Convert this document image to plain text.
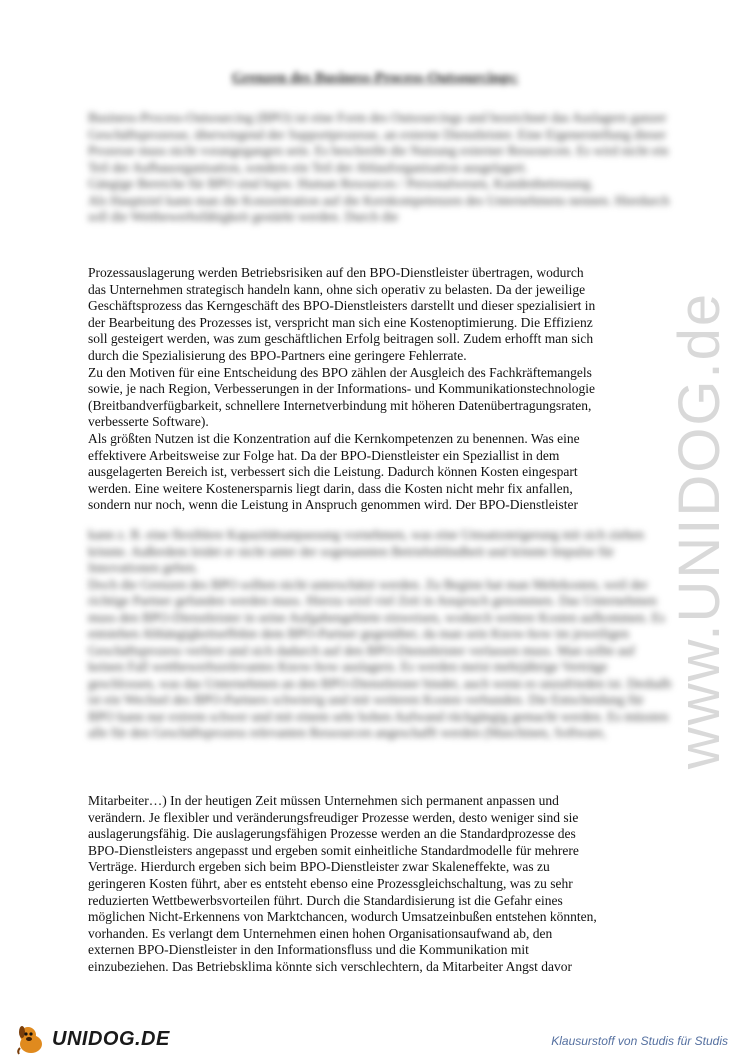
Grenzen des Business-Process-Outsourcings:

Business-Process-Outsourcing (BPO) ist eine Form des Outsourcings und bezeichnet das Auslagern ganzer Geschäftsprozesse, überwiegend der Supportprozesse, an externe Dienstleister. Eine Eigenerstellung dieser Prozesse muss nicht vorangegangen sein. Es beschreibt die Nutzung externer Ressourcen. Es wird nicht ein Teil der Aufbauorganisation, sondern ein Teil der Ablauforganisation ausgelagert.
Gängige Bereiche für BPO sind bspw. Human Resources / Personalwesen, Kundenbetreuung.
Als Hauptziel kann man die Konzentration auf die Kernkompetenzen des Unternehmens nennen. Hierdurch soll die Wettbewerbsfähigkeit gestärkt werden. Durch die

Prozessauslagerung werden Betriebsrisiken auf den BPO-Dienstleister übertragen, wodurch
das Unternehmen strategisch handeln kann, ohne sich operativ zu belasten. Da der jeweilige
Geschäftsprozess das Kerngeschäft des BPO-Dienstleisters darstellt und dieser spezialisiert in
der Bearbeitung des Prozesses ist, verspricht man sich eine Kostenoptimierung. Die Effizienz
soll gesteigert werden, was zum geschäftlichen Erfolg beitragen soll. Zudem erhofft man sich
durch die Spezialisierung des BPO-Partners eine geringere Fehlerrate.
Zu den Motiven für eine Entscheidung des BPO zählen der Ausgleich des Fachkräftemangels
sowie, je nach Region, Verbesserungen in der Informations- und Kommunikationstechnologie
(Breitbandverfügbarkeit, schnellere Internetverbindung mit höheren Datenübertragungsraten,
verbesserte Software).
Als größten Nutzen ist die Konzentration auf die Kernkompetenzen zu benennen. Was eine
effektivere Arbeitsweise zur Folge hat. Da der BPO-Dienstleister ein Speziallist in dem
ausgelagerten Bereich ist, verbessert sich die Leistung. Dadurch können Kosten eingespart
werden. Eine weitere Kostenersparnis liegt darin, dass die Kosten nicht mehr fix anfallen,
sondern nur noch, wenn die Leistung in Anspruch genommen wird. Der BPO-Dienstleister

kann z. B. eine flexiblere Kapazitätsanpassung vornehmen, was eine Umsatzsteigerung mit sich ziehen könnte. Außerdem leidet er nicht unter der sogenannten Betriebsblindheit und könnte Impulse für Innovationen geben.
Doch die Grenzen des BPO sollten nicht unterschätzt werden. Zu Beginn hat man Mehrkosten, weil der richtige Partner gefunden werden muss. Hierzu wird viel Zeit in Anspruch genommen. Das Unternehmen muss den BPO-Dienstleister in seine Aufgabengebiete einweisen, wodurch weitere Kosten aufkommen. Es entstehen Abhängigkeitseffekte dem BPO-Partner gegenüber, da man sein Know-how im jeweiligen Geschäftsprozess verliert und sich dadurch auf den BPO-Dienstleister verlassen muss. Man sollte auf keinen Fall wettbewerbsrelevantes Know-how auslagern. Es werden meist mehrjährige Verträge geschlossen, was das Unternehmen an den BPO-Dienstleister bindet, auch wenn es unzufrieden ist. Deshalb ist ein Wechsel des BPO-Partners schwierig und mit weiteren Kosten verbunden. Die Entscheidung für BPO kann nur extrem schwer und mit einem sehr hohen Aufwand rückgängig gemacht werden. Es müssten alle für den Geschäftsprozess relevanten Ressourcen angeschafft werden (Maschinen, Software,

Mitarbeiter…) In der heutigen Zeit müssen Unternehmen sich permanent anpassen und
verändern. Je flexibler und veränderungsfreudiger Prozesse werden, desto weniger sind sie
auslagerungsfähig. Die auslagerungsfähigen Prozesse werden an die Standardprozesse des
BPO-Dienstleisters angepasst und ergeben somit einheitliche Standardmodelle für mehrere
Verträge. Hierdurch ergeben sich beim BPO-Dienstleister zwar Skaleneffekte, was zu
geringeren Kosten führt, aber es entsteht ebenso eine Prozessgleichschaltung, was zu sehr
reduzierten Wettbewerbsvorteilen führt. Durch die Standardisierung ist die Gefahr eines
möglichen Nicht-Erkennens von Marktchancen, wodurch Umsatzeinbußen entstehen könnten,
vorhanden. Es verlangt dem Unternehmen einen hohen Organisationsaufwand ab, den
externen BPO-Dienstleister in den Informationsfluss und die Kommunikation mit
einzubeziehen. Das Betriebsklima könnte sich verschlechtern, da Mitarbeiter Angst davor

www.UNIDOG.de
UNIDOG.DE	Klausurstoff von Studis für Studis
